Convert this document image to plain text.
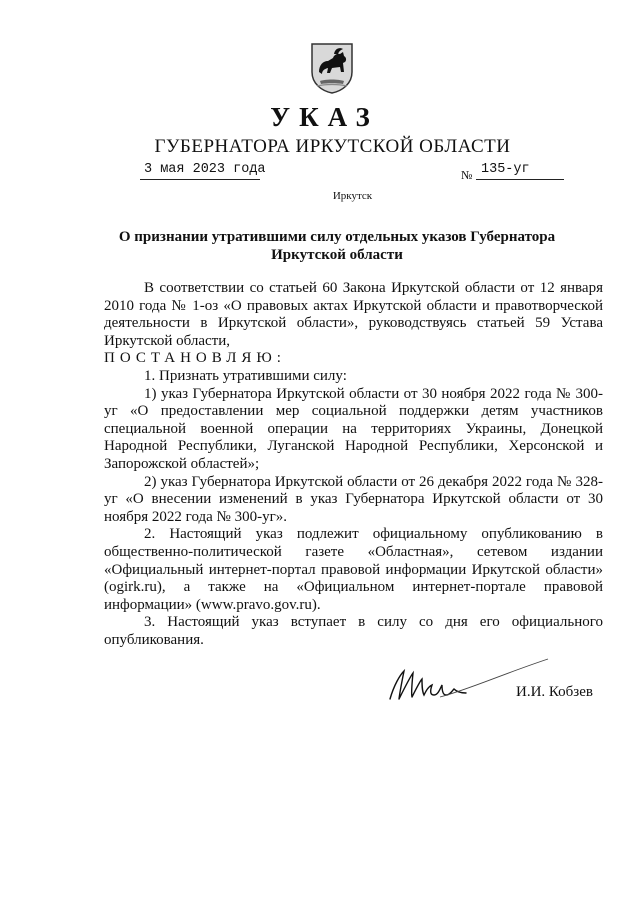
УКАЗ
ГУБЕРНАТОРА ИРКУТСКОЙ ОБЛАСТИ
3 мая 2023 года	№ 135-уг
Иркутск
О признании утратившими силу отдельных указов Губернатора
Иркутской области

В соответствии со статьей 60 Закона Иркутской области от 12 января 2010 года № 1-оз «О правовых актах Иркутской области и правотворческой деятельности в Иркутской области», руководствуясь статьей 59 Устава Иркутской области,

ПОСТАНОВЛЯЮ:

1. Признать утратившими силу:

1) указ Губернатора Иркутской области от 30 ноября 2022 года № 300-уг «О предоставлении мер социальной поддержки детям участников специальной военной операции на территориях Украины, Донецкой Народной Республики, Луганской Народной Республики, Херсонской и Запорожской областей»;

2) указ Губернатора Иркутской области от 26 декабря 2022 года № 328-уг «О внесении изменений в указ Губернатора Иркутской области от 30 ноября 2022 года № 300-уг».

2. Настоящий указ подлежит официальному опубликованию в общественно-политической газете «Областная», сетевом издании «Официальный интернет-портал правовой информации Иркутской области» (ogirk.ru), а также на «Официальном интернет-портале правовой информации» (www.pravo.gov.ru).

3. Настоящий указ вступает в силу со дня его официального опубликования.

И.И. Кобзев
